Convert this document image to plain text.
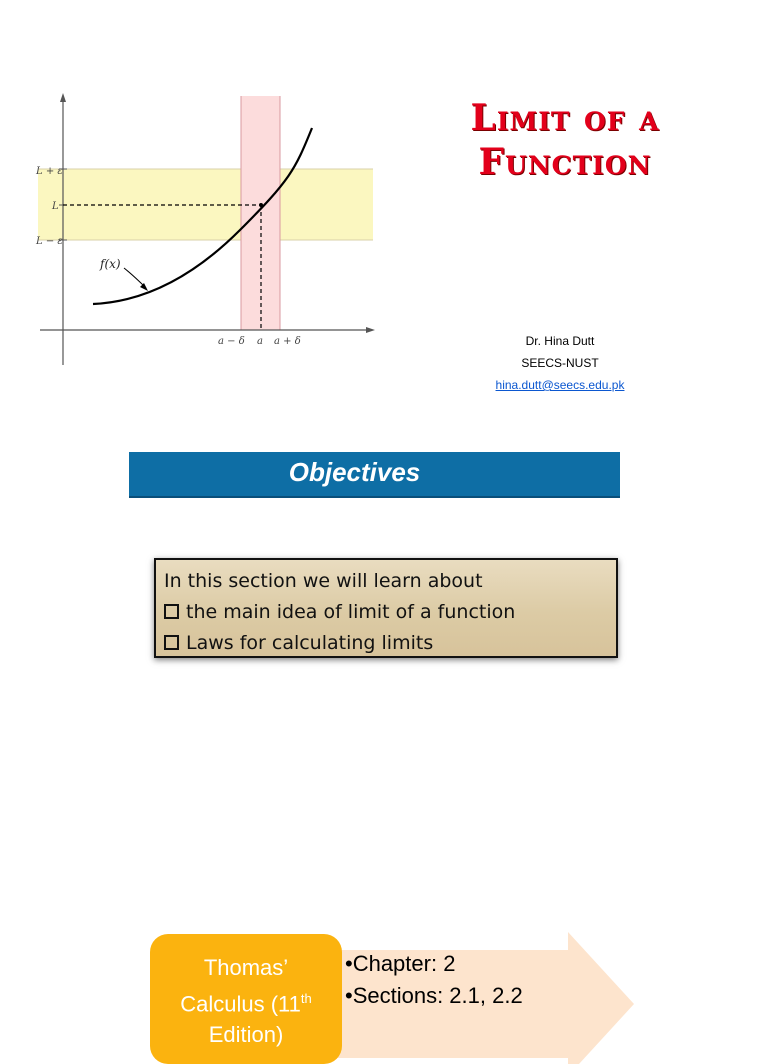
L + ε
L
L − ε
a − δ a a + δ
f(x)
Limit of a
Function
Dr. Hina Dutt
SEECS-NUST
hina.dutt@seecs.edu.pk
Objectives
In this section we will learn about
the main idea of limit of a function
Laws for calculating limits
Thomas’
Calculus (11th
Edition)
•Chapter: 2
•Sections: 2.1, 2.2
